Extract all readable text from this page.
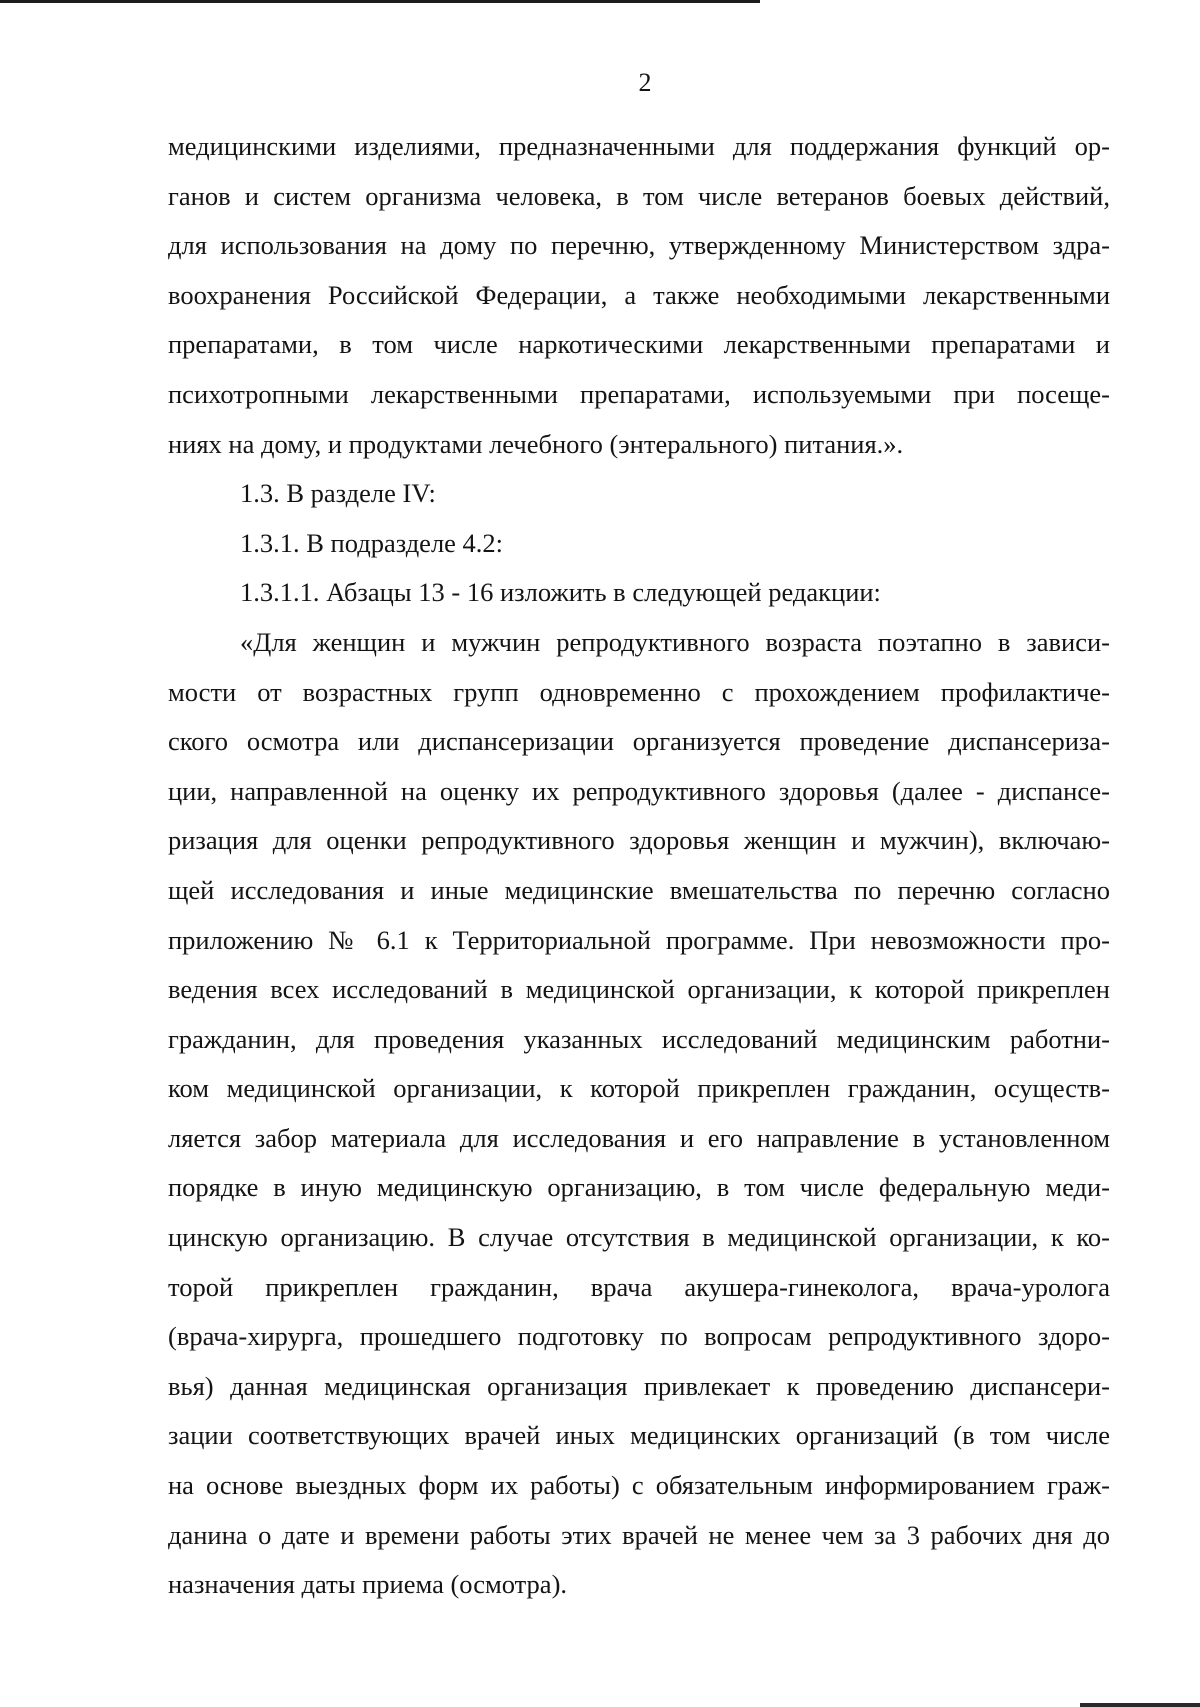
2
медицинскими изделиями, предназначенными для поддержания функций ор-
ганов и систем организма человека, в том числе ветеранов боевых действий,
для использования на дому по перечню, утвержденному Министерством здра-
воохранения Российской Федерации, а также необходимыми лекарственными
препаратами, в том числе наркотическими лекарственными препаратами и
психотропными лекарственными препаратами, используемыми при посеще-
ниях на дому, и продуктами лечебного (энтерального) питания.».
1.3. В разделе IV:
1.3.1. В подразделе 4.2:
1.3.1.1. Абзацы 13 - 16 изложить в следующей редакции:
«Для женщин и мужчин репродуктивного возраста поэтапно в зависи-
мости от возрастных групп одновременно с прохождением профилактиче-
ского осмотра или диспансеризации организуется проведение диспансериза-
ции, направленной на оценку их репродуктивного здоровья (далее - диспансе-
ризация для оценки репродуктивного здоровья женщин и мужчин), включаю-
щей исследования и иные медицинские вмешательства по перечню согласно
приложению № 6.1 к Территориальной программе. При невозможности про-
ведения всех исследований в медицинской организации, к которой прикреплен
гражданин, для проведения указанных исследований медицинским работни-
ком медицинской организации, к которой прикреплен гражданин, осуществ-
ляется забор материала для исследования и его направление в установленном
порядке в иную медицинскую организацию, в том числе федеральную меди-
цинскую организацию. В случае отсутствия в медицинской организации, к ко-
торой прикреплен гражданин, врача акушера-гинеколога, врача-уролога
(врача-хирурга, прошедшего подготовку по вопросам репродуктивного здоро-
вья) данная медицинская организация привлекает к проведению диспансери-
зации соответствующих врачей иных медицинских организаций (в том числе
на основе выездных форм их работы) с обязательным информированием граж-
данина о дате и времени работы этих врачей не менее чем за 3 рабочих дня до
назначения даты приема (осмотра).
